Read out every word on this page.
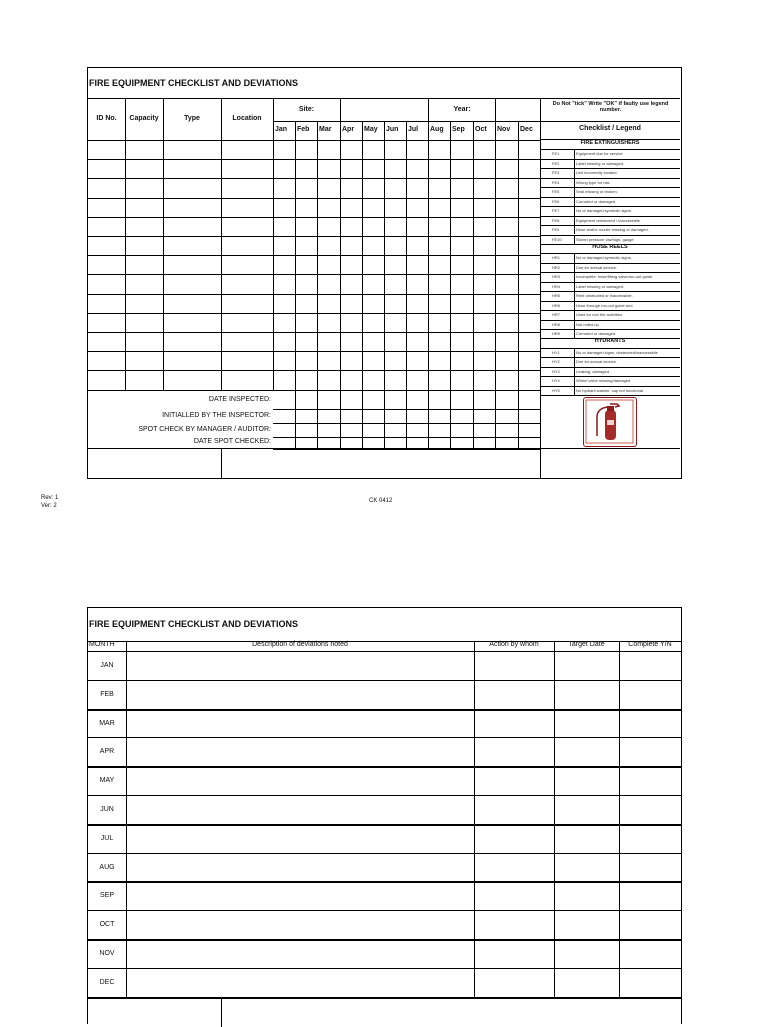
FIRE EQUIPMENT CHECKLIST AND DEVIATIONS
ID No.	Capacity	Type	Location
Site:	Year:
Do Not "tick" Write "OK" if faulty use legend number.
Checklist / Legend
Jan Feb Mar Apr May Jun Jul Aug Sep Oct Nov Dec
DATE INSPECTED:
INITIALLED BY THE INSPECTOR:
SPOT CHECK BY MANAGER / AUDITOR:
DATE SPOT CHECKED:
FIRE EXTINGUISHERS
FE1	Equipment due for service.
FE2	Label missing or damaged.
FE3	Unit incorrectly located.
FE4	Wrong type for risk.
FE5	Seal missing or broken.
FE6	Corroded or damaged.
FE7	No or damaged symbolic signs.
FE8	Equipment obstructed / inaccessible.
FE9	Hose and/or nozzle missing or damaged.
FE10	Stored pressure low/high, gauge
HOSE REELS
HR1	No or damaged symbolic signs.
HR2	Due for annual service.
HR3	Incomplete: hose/fitting valve/run-out guide.
HR4	Label missing or damaged.
HR5	Reel obstructed or inaccessible.
HR6	Hose through run-out guide and
HR7	Used for non fire activities.
HR8	Not rolled up.
HR9	Corroded or damaged.
HYDRANTS
HY1	No or damaged signs, obstructed/inaccessible
HY2	Due for annual service.
HY3	Leaking, damaged.
HY4	Wheel valve missing/damaged
HY5	No hydrant washer, cap not functional
Rev: 1
Ver: 2
CK 0412
FIRE EQUIPMENT CHECKLIST AND DEVIATIONS
MONTH	Description of deviations noted	Action by whom	Target Date	Complete Y/N
JAN
FEB
MAR
APR
MAY
JUN
JUL
AUG
SEP
OCT
NOV
DEC
